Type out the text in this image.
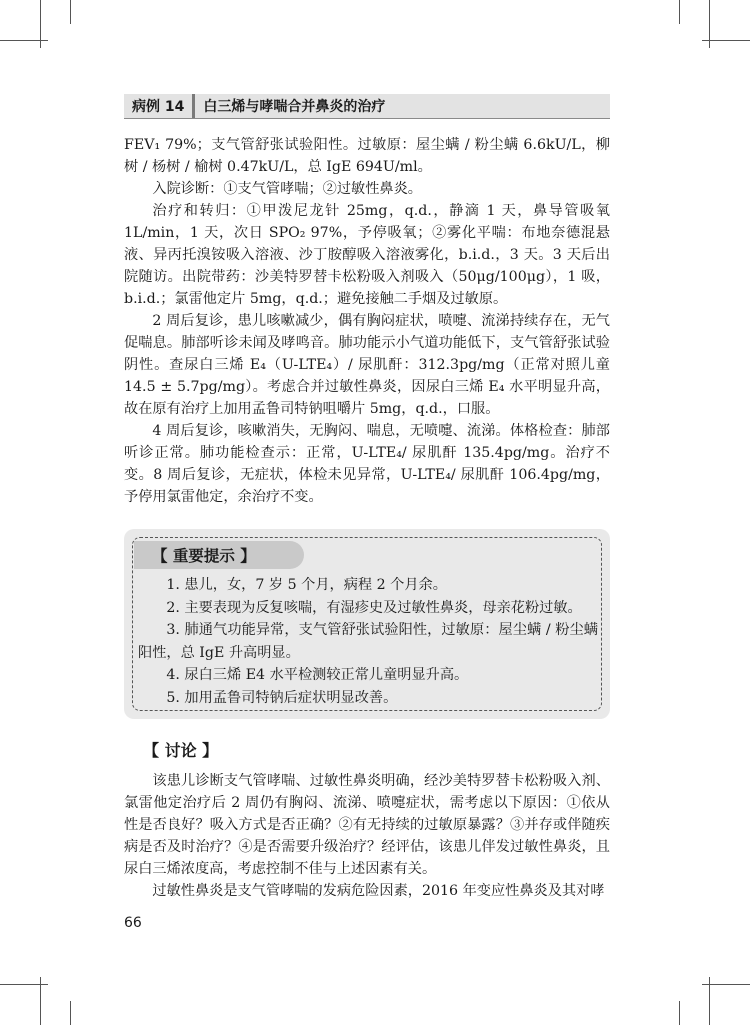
病例 14	白三烯与哮喘合并鼻炎的治疗

FEV₁ 79%；支气管舒张试验阳性。过敏原：屋尘螨 / 粉尘螨 6.6kU/L，柳树 / 杨树 / 榆树 0.47kU/L，总 IgE 694U/ml。

入院诊断：①支气管哮喘；②过敏性鼻炎。

治疗和转归：①甲泼尼龙针 25mg，q.d.，静滴 1 天，鼻导管吸氧 1L/min，1 天，次日 SPO₂ 97%，予停吸氧；②雾化平喘：布地奈德混悬液、异丙托溴铵吸入溶液、沙丁胺醇吸入溶液雾化，b.i.d.，3 天。3 天后出院随访。出院带药：沙美特罗替卡松粉吸入剂吸入（50μg/100μg），1 吸，b.i.d.；氯雷他定片 5mg，q.d.；避免接触二手烟及过敏原。

2 周后复诊，患儿咳嗽减少，偶有胸闷症状，喷嚏、流涕持续存在，无气促喘息。肺部听诊未闻及哮鸣音。肺功能示小气道功能低下，支气管舒张试验阴性。查尿白三烯 E₄（U-LTE₄）/ 尿肌酐：312.3pg/mg（正常对照儿童 14.5 ± 5.7pg/mg）。考虑合并过敏性鼻炎，因尿白三烯 E₄ 水平明显升高，故在原有治疗上加用孟鲁司特钠咀嚼片 5mg，q.d.，口服。

4 周后复诊，咳嗽消失，无胸闷、喘息，无喷嚏、流涕。体格检查：肺部听诊正常。肺功能检查示：正常，U-LTE₄/ 尿肌酐 135.4pg/mg。治疗不变。8 周后复诊，无症状，体检未见异常，U-LTE₄/ 尿肌酐 106.4pg/mg，予停用氯雷他定，余治疗不变。

【 重要提示 】
1. 患儿，女，7 岁 5 个月，病程 2 个月余。
2. 主要表现为反复咳喘，有湿疹史及过敏性鼻炎，母亲花粉过敏。
3. 肺通气功能异常，支气管舒张试验阳性，过敏原：屋尘螨 / 粉尘螨阳性，总 IgE 升高明显。
4. 尿白三烯 E4 水平检测较正常儿童明显升高。
5. 加用孟鲁司特钠后症状明显改善。
【 讨论 】

该患儿诊断支气管哮喘、过敏性鼻炎明确，经沙美特罗替卡松粉吸入剂、氯雷他定治疗后 2 周仍有胸闷、流涕、喷嚏症状，需考虑以下原因：①依从性是否良好？吸入方式是否正确？②有无持续的过敏原暴露？③并存或伴随疾病是否及时治疗？④是否需要升级治疗？经评估，该患儿伴发过敏性鼻炎，且尿白三烯浓度高，考虑控制不佳与上述因素有关。

过敏性鼻炎是支气管哮喘的发病危险因素，2016 年变应性鼻炎及其对哮

66
